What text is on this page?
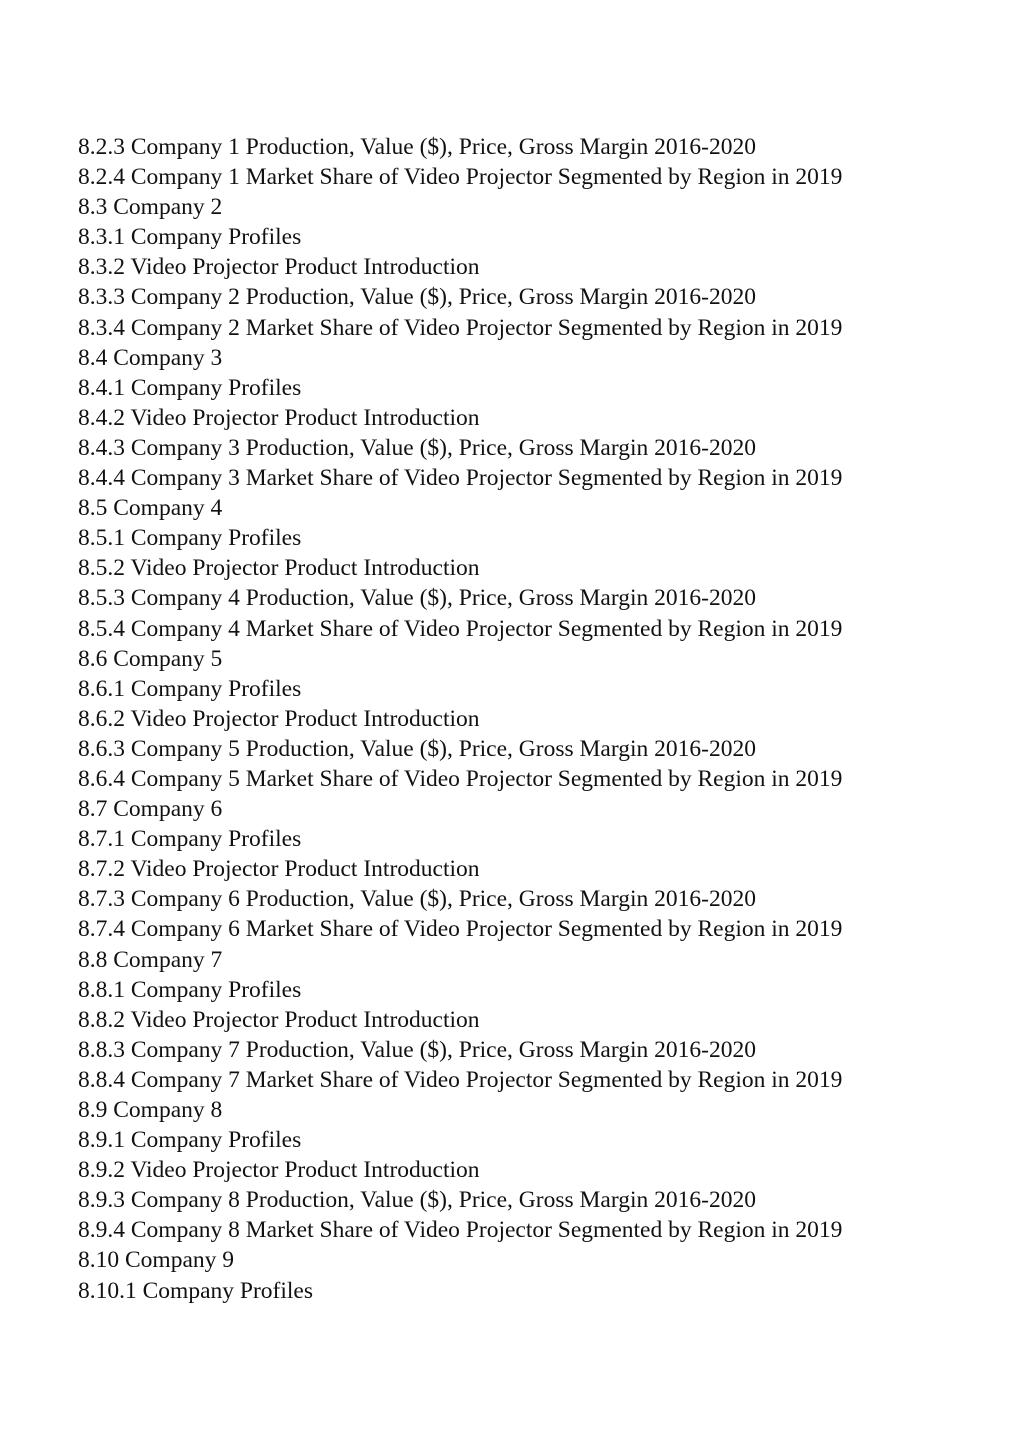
8.2.3 Company 1 Production, Value ($), Price, Gross Margin 2016-2020
8.2.4 Company 1 Market Share of Video Projector Segmented by Region in 2019
8.3 Company 2
8.3.1 Company Profiles
8.3.2 Video Projector Product Introduction
8.3.3 Company 2 Production, Value ($), Price, Gross Margin 2016-2020
8.3.4 Company 2 Market Share of Video Projector Segmented by Region in 2019
8.4 Company 3
8.4.1 Company Profiles
8.4.2 Video Projector Product Introduction
8.4.3 Company 3 Production, Value ($), Price, Gross Margin 2016-2020
8.4.4 Company 3 Market Share of Video Projector Segmented by Region in 2019
8.5 Company 4
8.5.1 Company Profiles
8.5.2 Video Projector Product Introduction
8.5.3 Company 4 Production, Value ($), Price, Gross Margin 2016-2020
8.5.4 Company 4 Market Share of Video Projector Segmented by Region in 2019
8.6 Company 5
8.6.1 Company Profiles
8.6.2 Video Projector Product Introduction
8.6.3 Company 5 Production, Value ($), Price, Gross Margin 2016-2020
8.6.4 Company 5 Market Share of Video Projector Segmented by Region in 2019
8.7 Company 6
8.7.1 Company Profiles
8.7.2 Video Projector Product Introduction
8.7.3 Company 6 Production, Value ($), Price, Gross Margin 2016-2020
8.7.4 Company 6 Market Share of Video Projector Segmented by Region in 2019
8.8 Company 7
8.8.1 Company Profiles
8.8.2 Video Projector Product Introduction
8.8.3 Company 7 Production, Value ($), Price, Gross Margin 2016-2020
8.8.4 Company 7 Market Share of Video Projector Segmented by Region in 2019
8.9 Company 8
8.9.1 Company Profiles
8.9.2 Video Projector Product Introduction
8.9.3 Company 8 Production, Value ($), Price, Gross Margin 2016-2020
8.9.4 Company 8 Market Share of Video Projector Segmented by Region in 2019
8.10 Company 9
8.10.1 Company Profiles
